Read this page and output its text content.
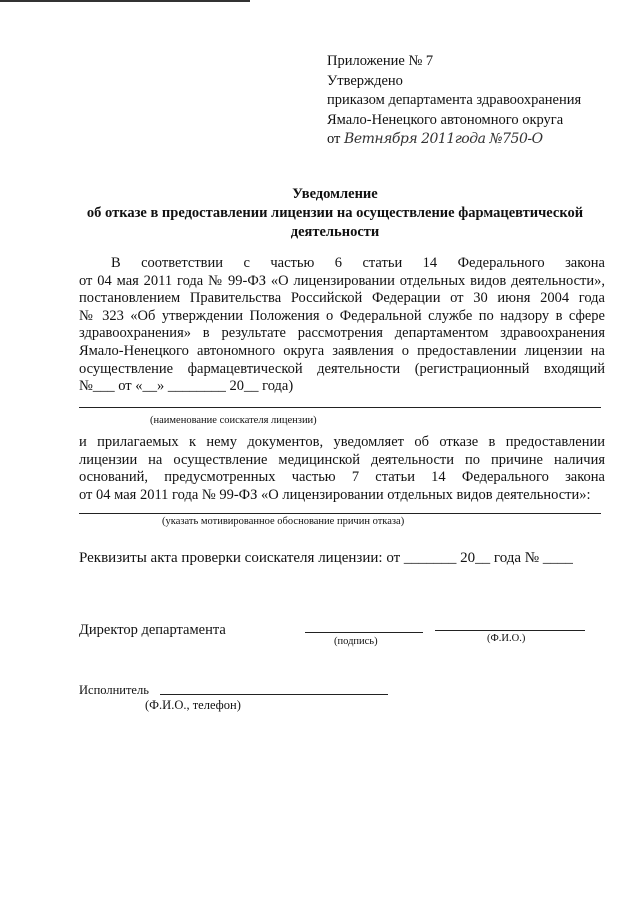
Приложение № 7
Утверждено
приказом департамента здравоохранения
Ямало-Ненецкого автономного округа
от Ветнября 2011года №750-О
Уведомление
об отказе в предоставлении лицензии на осуществление фармацевтической
деятельности
В соответствии с частью 6 статьи 14 Федерального закона
от 04 мая 2011 года № 99-ФЗ «О лицензировании отдельных видов деятельности»,
постановлением Правительства Российской Федерации от 30 июня 2004 года
№ 323 «Об утверждении Положения о Федеральной службе по надзору в сфере
здравоохранения» в результате рассмотрения департаментом здравоохранения
Ямало-Ненецкого автономного округа заявления о предоставлении лицензии на
осуществление фармацевтической деятельности (регистрационный входящий
№___ от «__» ________ 20__ года)
(наименование соискателя лицензии)
и прилагаемых к нему документов, уведомляет об отказе в предоставлении
лицензии на осуществление медицинской деятельности по причине наличия
оснований, предусмотренных частью 7 статьи 14 Федерального закона
от 04 мая 2011 года № 99-ФЗ «О лицензировании отдельных видов деятельности»:
(указать мотивированное обоснование причин отказа)
Реквизиты акта проверки соискателя лицензии: от _______ 20__ года № ____
Директор департамента
(подпись)	(Ф.И.О.)
Исполнитель
(Ф.И.О., телефон)
